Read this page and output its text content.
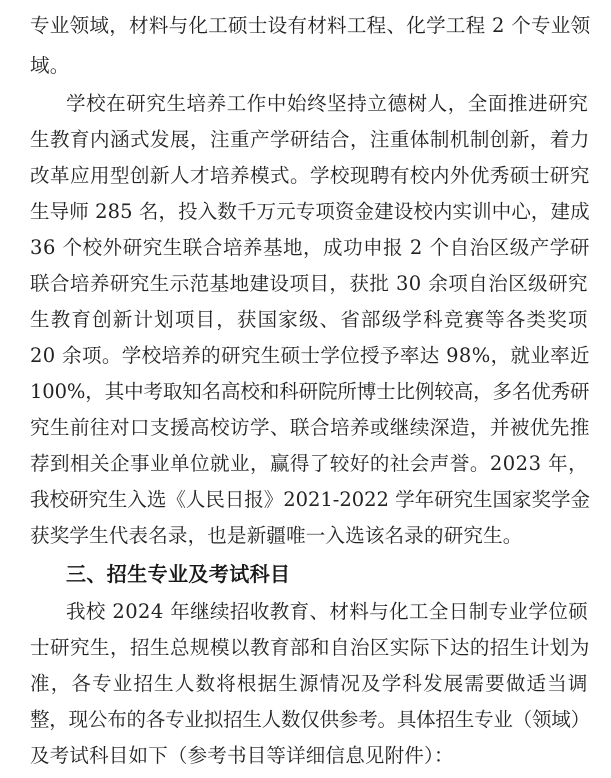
专业领域，材料与化工硕士设有材料工程、化学工程 2 个专业领
域。
学校在研究生培养工作中始终坚持立德树人，全面推进研究
生教育内涵式发展，注重产学研结合，注重体制机制创新，着力
改革应用型创新人才培养模式。学校现聘有校内外优秀硕士研究
生导师 285 名，投入数千万元专项资金建设校内实训中心，建成
36 个校外研究生联合培养基地，成功申报 2 个自治区级产学研
联合培养研究生示范基地建设项目，获批 30 余项自治区级研究
生教育创新计划项目，获国家级、省部级学科竞赛等各类奖项
20 余项。学校培养的研究生硕士学位授予率达 98%，就业率近
100%，其中考取知名高校和科研院所博士比例较高，多名优秀研
究生前往对口支援高校访学、联合培养或继续深造，并被优先推
荐到相关企事业单位就业，赢得了较好的社会声誉。2023 年，
我校研究生入选《人民日报》2021-2022 学年研究生国家奖学金
获奖学生代表名录，也是新疆唯一入选该名录的研究生。
三、招生专业及考试科目
我校 2024 年继续招收教育、材料与化工全日制专业学位硕
士研究生，招生总规模以教育部和自治区实际下达的招生计划为
准，各专业招生人数将根据生源情况及学科发展需要做适当调
整，现公布的各专业拟招生人数仅供参考。具体招生专业（领域）
及考试科目如下（参考书目等详细信息见附件）：
